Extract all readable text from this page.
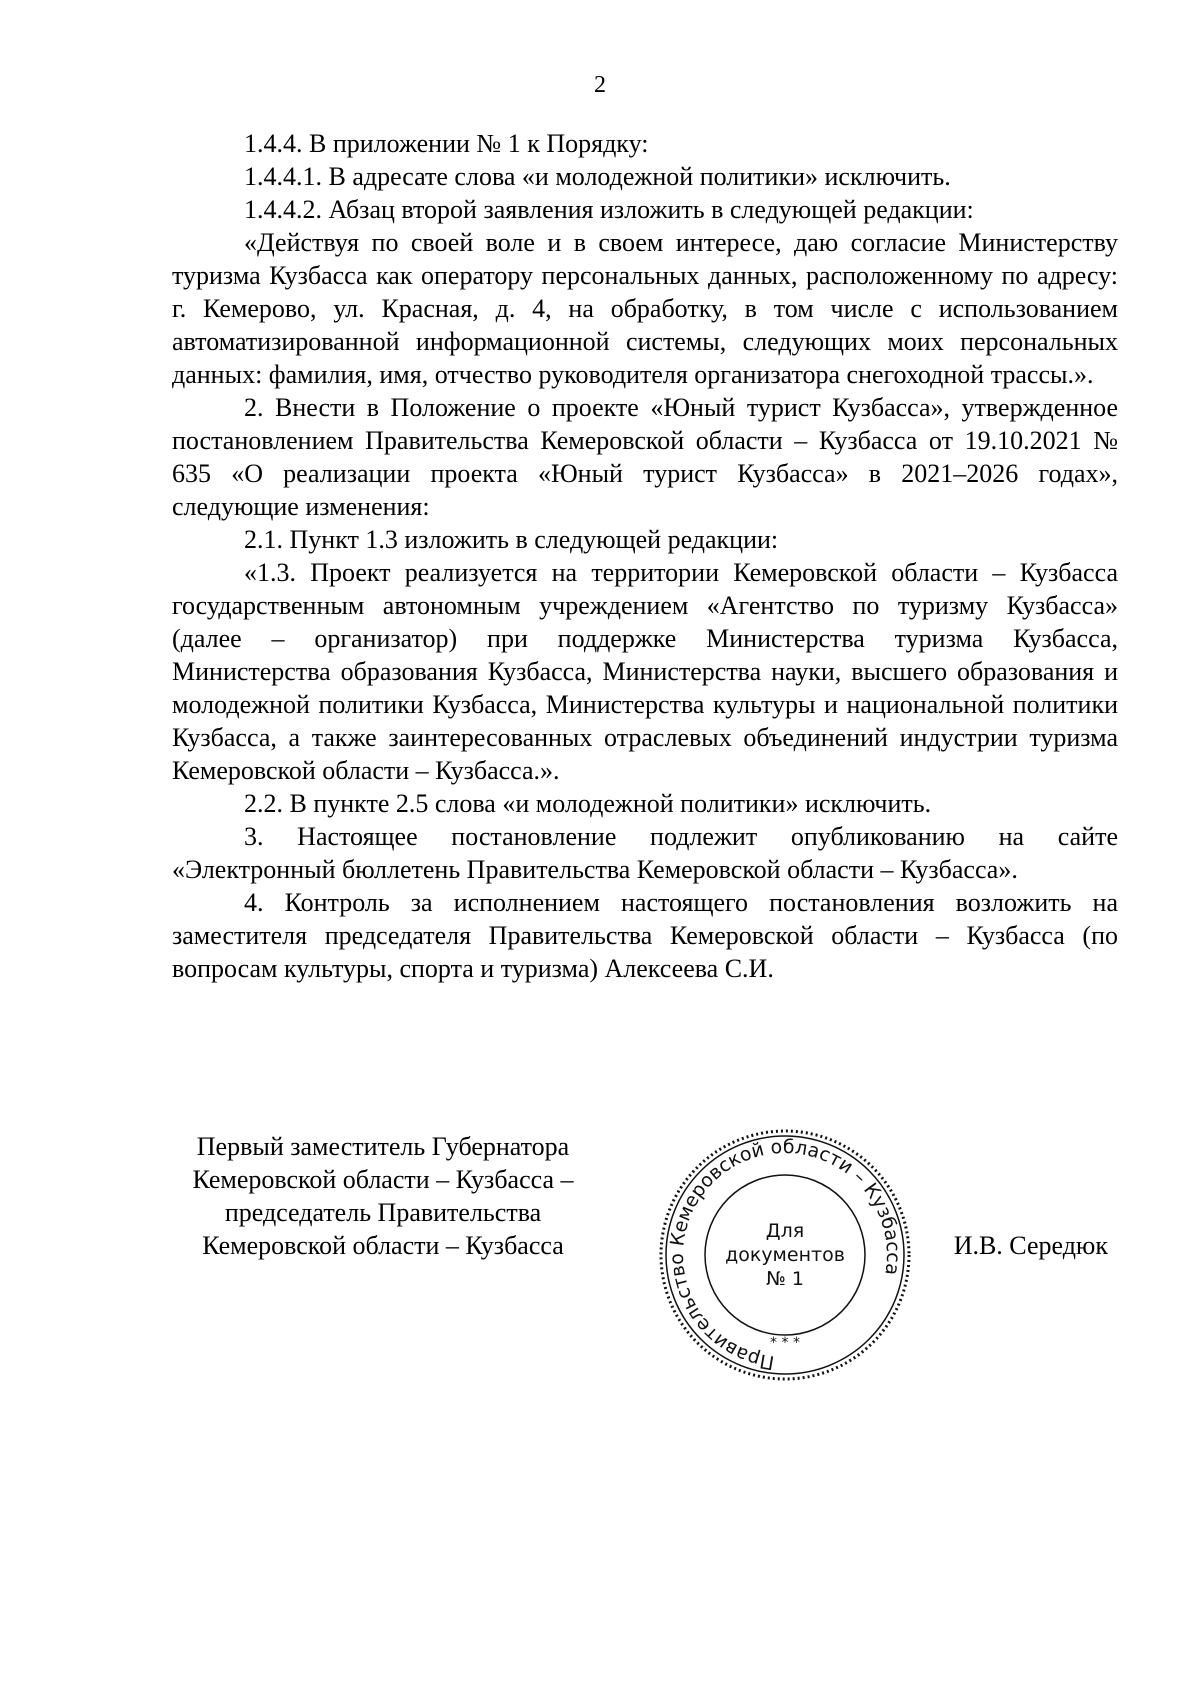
2

1.4.4. В приложении № 1 к Порядку:

1.4.4.1. В адресате слова «и молодежной политики» исключить.

1.4.4.2. Абзац второй заявления изложить в следующей редакции:

«Действуя по своей воле и в своем интересе, даю согласие Министерству туризма Кузбасса как оператору персональных данных, расположенному по адресу: г. Кемерово, ул. Красная, д. 4, на обработку, в том числе с использованием автоматизированной информационной системы, следующих моих персональных данных: фамилия, имя, отчество руководителя организатора снегоходной трассы.».

2. Внести в Положение о проекте «Юный турист Кузбасса», утвержденное постановлением Правительства Кемеровской области – Кузбасса от 19.10.2021 № 635 «О реализации проекта «Юный турист Кузбасса» в 2021–2026 годах», следующие изменения:

2.1. Пункт 1.3 изложить в следующей редакции:

«1.3. Проект реализуется на территории Кемеровской области – Кузбасса государственным автономным учреждением «Агентство по туризму Кузбасса» (далее – организатор) при поддержке Министерства туризма Кузбасса, Министерства образования Кузбасса, Министерства науки, высшего образования и молодежной политики Кузбасса, Министерства культуры и национальной политики Кузбасса, а также заинтересованных отраслевых объединений индустрии туризма Кемеровской области – Кузбасса.».

2.2. В пункте 2.5 слова «и молодежной политики» исключить.

3. Настоящее постановление подлежит опубликованию на сайте «Электронный бюллетень Правительства Кемеровской области – Кузбасса».

4. Контроль за исполнением настоящего постановления возложить на заместителя председателя Правительства Кемеровской области – Кузбасса (по вопросам культуры, спорта и туризма) Алексеева С.И.

Первый заместитель Губернатора
Кемеровской области – Кузбасса –
председатель Правительства
Кемеровской области – Кузбасса
Правительство Кемеровской области – Кузбасса
* * *
Для
документов
№ 1
И.В. Середюк
